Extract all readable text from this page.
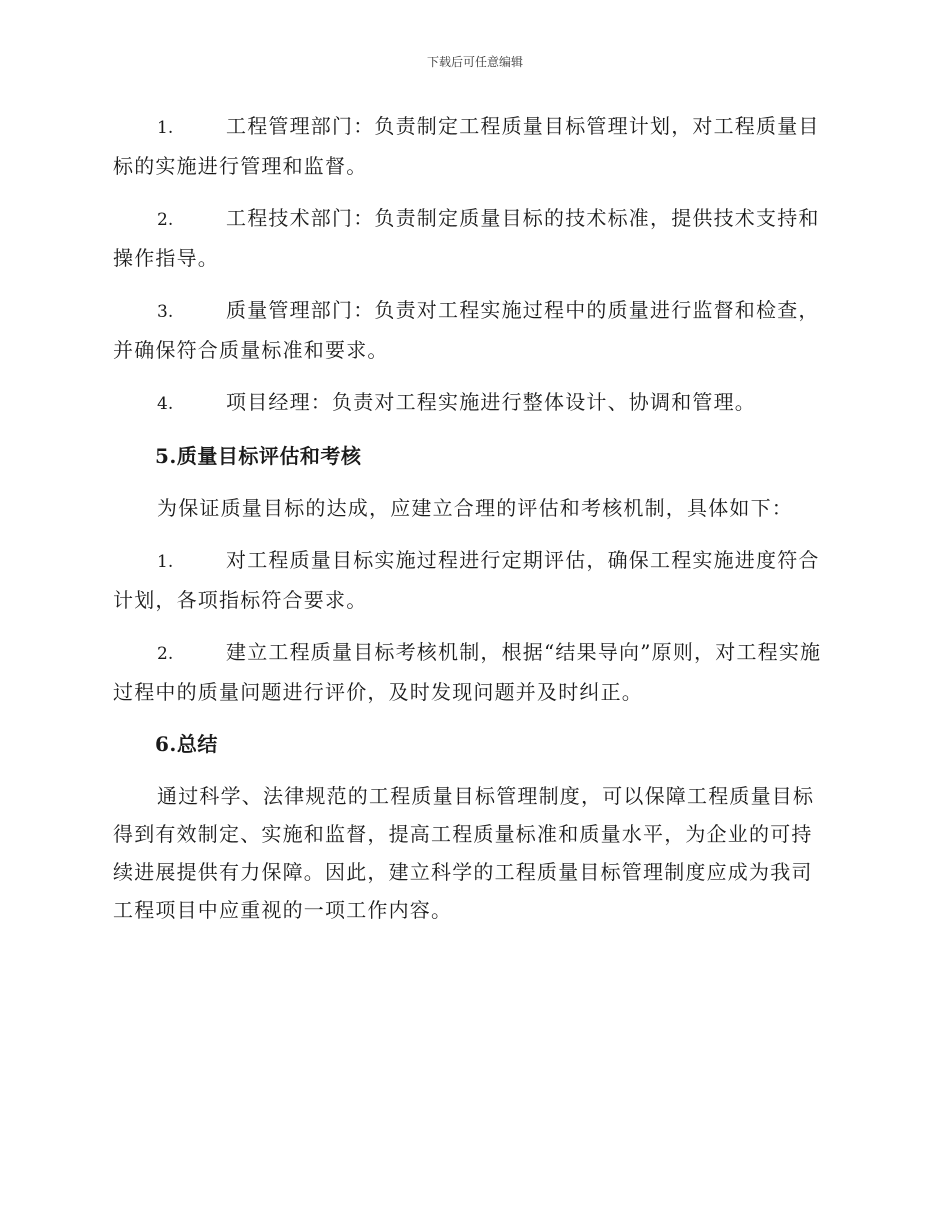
下载后可任意编辑

1.	工程管理部门：负责制定工程质量目标管理计划，对工程质量目标的实施进行管理和监督。

2.	工程技术部门：负责制定质量目标的技术标准，提供技术支持和操作指导。

3.	质量管理部门：负责对工程实施过程中的质量进行监督和检查，并确保符合质量标准和要求。

4.	项目经理：负责对工程实施进行整体设计、协调和管理。

5.质量目标评估和考核

为保证质量目标的达成，应建立合理的评估和考核机制，具体如下：

1.	对工程质量目标实施过程进行定期评估，确保工程实施进度符合计划，各项指标符合要求。

2.	建立工程质量目标考核机制，根据“结果导向”原则，对工程实施过程中的质量问题进行评价，及时发现问题并及时纠正。

6.总结

通过科学、法律规范的工程质量目标管理制度，可以保障工程质量目标得到有效制定、实施和监督，提高工程质量标准和质量水平，为企业的可持续进展提供有力保障。因此，建立科学的工程质量目标管理制度应成为我司工程项目中应重视的一项工作内容。
